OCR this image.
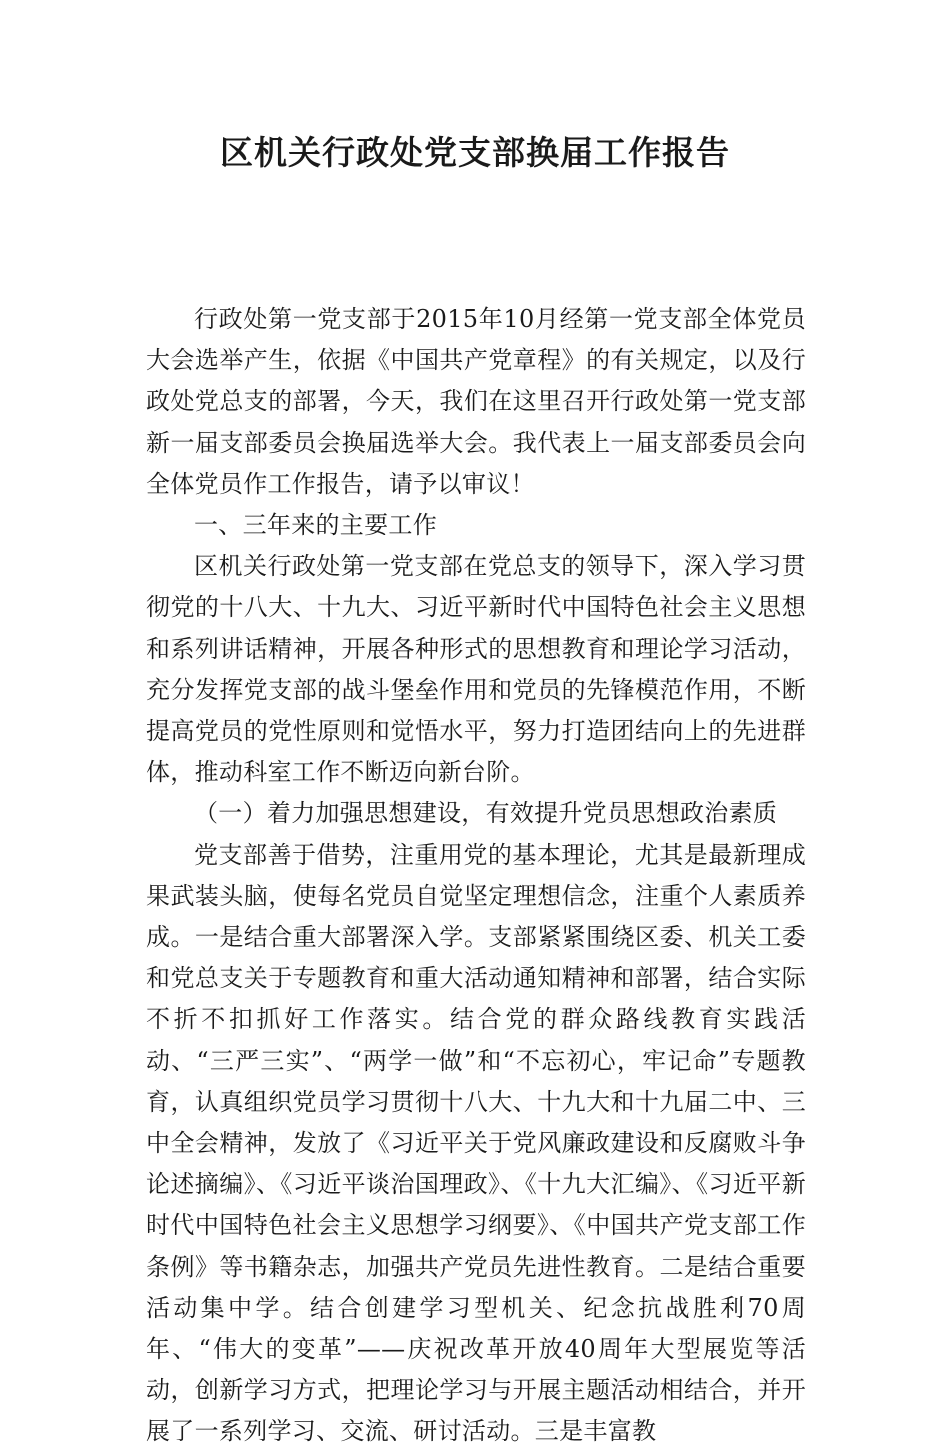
区机关行政处党支部换届工作报告

行政处第一党支部于2015年10月经第一党支部全体党员大会选举产生，依据《中国共产党章程》的有关规定，以及行政处党总支的部署，今天，我们在这里召开行政处第一党支部新一届支部委员会换届选举大会。我代表上一届支部委员会向全体党员作工作报告，请予以审议！

一、三年来的主要工作

区机关行政处第一党支部在党总支的领导下，深入学习贯彻党的十八大、十九大、习近平新时代中国特色社会主义思想和系列讲话精神，开展各种形式的思想教育和理论学习活动，充分发挥党支部的战斗堡垒作用和党员的先锋模范作用，不断提高党员的党性原则和觉悟水平，努力打造团结向上的先进群体，推动科室工作不断迈向新台阶。

（一）着力加强思想建设，有效提升党员思想政治素质

党支部善于借势，注重用党的基本理论，尤其是最新理成果武装头脑，使每名党员自觉坚定理想信念，注重个人素质养成。一是结合重大部署深入学。支部紧紧围绕区委、机关工委和党总支关于专题教育和重大活动通知精神和部署，结合实际不折不扣抓好工作落实。结合党的群众路线教育实践活动、“三严三实”、“两学一做”和“不忘初心，牢记命”专题教育，认真组织党员学习贯彻十八大、十九大和十九届二中、三中全会精神，发放了《习近平关于党风廉政建设和反腐败斗争论述摘编》、《习近平谈治国理政》、《十九大汇编》、《习近平新时代中国特色社会主义思想学习纲要》、《中国共产党支部工作条例》等书籍杂志，加强共产党员先进性教育。二是结合重要活动集中学。结合创建学习型机关、纪念抗战胜利70周年、“伟大的变革”——庆祝改革开放40周年大型展览等活动，创新学习方式，把理论学习与开展主题活动相结合，并开展了一系列学习、交流、研讨活动。三是丰富教
